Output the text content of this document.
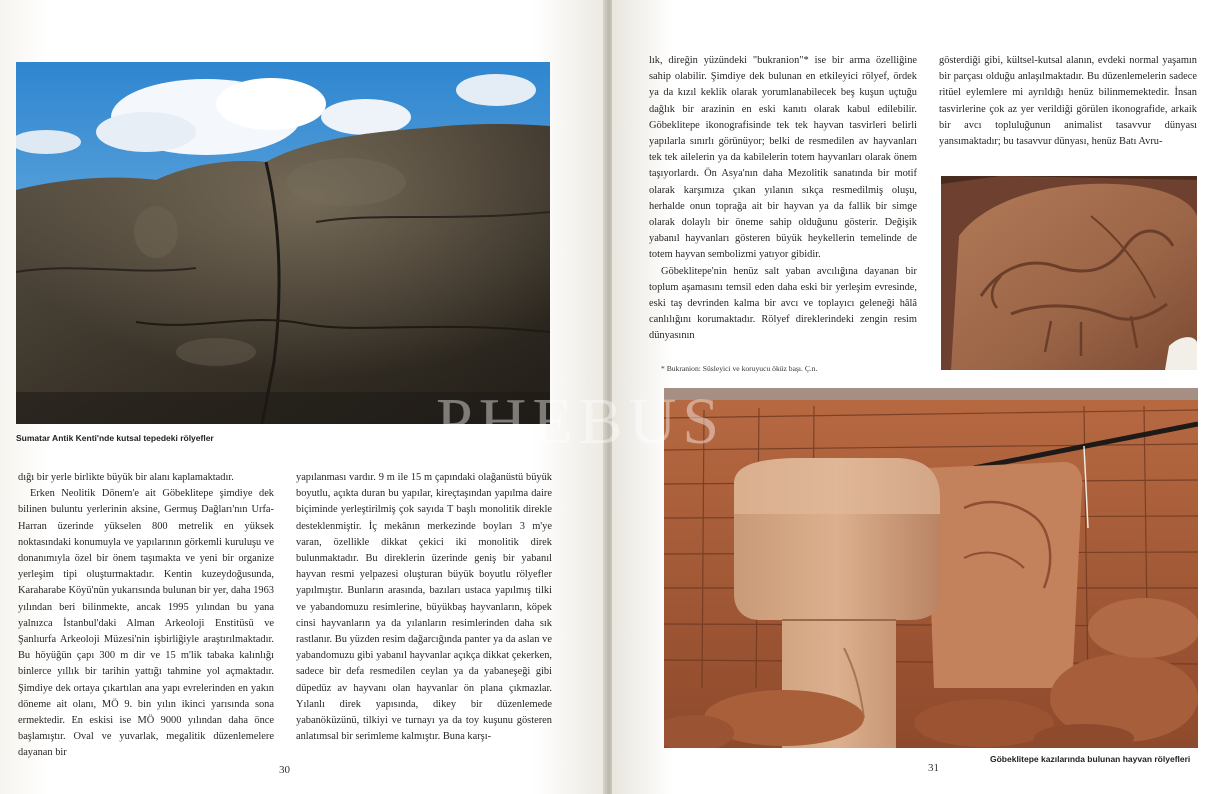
Sumatar Antik Kenti'nde kutsal tepedeki rölyefler

dığı bir yerle birlikte büyük bir alanı kaplamaktadır.

Erken Neolitik Dönem'e ait Göbeklitepe şimdiye dek bilinen buluntu yerlerinin aksine, Germuş Dağları'nın Urfa-Harran üzerinde yükselen 800 metrelik en yüksek noktasındaki konumuyla ve yapılarının görkemli kuruluşu ve donanımıyla özel bir önem taşımakta ve yeni bir organize yerleşim tipi oluşturmaktadır. Kentin kuzeydoğusunda, Karaharabe Köyü'nün yukarısında bulunan bir yer, daha 1963 yılından beri bilinmekte, ancak 1995 yılından bu yana yalnızca İstanbul'daki Alman Arkeoloji Enstitüsü ve Şanlıurfa Arkeoloji Müzesi'nin işbirliğiyle araştırılmaktadır. Bu höyüğün çapı 300 m dir ve 15 m'lik tabaka kalınlığı binlerce yıllık bir tarihin yattığı tahmine yol açmaktadır. Şimdiye dek ortaya çıkartılan ana yapı evrelerinden en yakın döneme ait olanı, MÖ 9. bin yılın ikinci yarısında sona ermektedir. En eskisi ise MÖ 9000 yılından daha önce başlamıştır. Oval ve yuvarlak, megalitik düzenlemelere dayanan bir

yapılanması vardır. 9 m ile 15 m çapındaki olağanüstü büyük boyutlu, açıkta duran bu yapılar, kireçtaşından yapılma daire biçiminde yerleştirilmiş çok sayıda T başlı monolitik direkle desteklenmiştir. İç mekânın merkezinde boyları 3 m'ye varan, özellikle dikkat çekici iki monolitik direk bulunmaktadır. Bu direklerin üzerinde geniş bir yabanıl hayvan resmi yelpazesi oluşturan büyük boyutlu rölyefler yapılmıştır. Bunların arasında, bazıları ustaca yapılmış tilki ve yabandomuzu resimlerine, büyükbaş hayvanların, köpek cinsi hayvanların ya da yılanların resimlerinden daha sık rastlanır. Bu yüzden resim dağarcığında panter ya da aslan ve yabandomuzu gibi yabanıl hayvanlar açıkça dikkat çekerken, sadece bir defa resmedilen ceylan ya da yabaneşeği gibi düpedüz av hayvanı olan hayvanlar ön plana çıkmazlar. Yılanlı direk yapısında, dikey bir düzenlemede yabanöküzünü, tilkiyi ve turnayı ya da toy kuşunu gösteren anlatımsal bir serimleme kalmıştır. Buna karşı-

30

lık, direğin yüzündeki "bukranion"* ise bir arma özelliğine sahip olabilir. Şimdiye dek bulunan en etkileyici rölyef, ördek ya da kızıl keklik olarak yorumlanabilecek beş kuşun uçtuğu dağlık bir arazinin en eski kanıtı olarak kabul edilebilir. Göbeklitepe ikonografisinde tek tek hayvan tasvirleri belirli yapılarla sınırlı görünüyor; belki de resmedilen av hayvanları tek tek ailelerin ya da kabilelerin totem hayvanları olarak önem taşıyorlardı. Ön Asya'nın daha Mezolitik sanatında bir motif olarak karşımıza çıkan yılanın sıkça resmedilmiş oluşu, herhalde onun toprağa ait bir hayvan ya da fallik bir simge olarak dolaylı bir öneme sahip olduğunu gösterir. Değişik yabanıl hayvanları gösteren büyük heykellerin temelinde de totem hayvan sembolizmi yatıyor gibidir.

Göbeklitepe'nin henüz salt yaban avcılığına dayanan bir toplum aşamasını temsil eden daha eski bir yerleşim evresinde, eski taş devrinden kalma bir avcı ve toplayıcı geleneği hâlâ canlılığını korumaktadır. Rölyef direklerindeki zengin resim dünyasının

gösterdiği gibi, kültsel-kutsal alanın, evdeki normal yaşamın bir parçası olduğu anlaşılmaktadır. Bu düzenlemelerin sadece ritüel eylemlere mi ayrıldığı henüz bilinmemektedir. İnsan tasvirlerine çok az yer verildiği görülen ikonografide, arkaik bir avcı topluluğunun animalist tasavvur dünyası yansımaktadır; bu tasavvur dünyası, henüz Batı Avru-

* Bukranion: Süsleyici ve koruyucu öküz başı. Ç.n.
31
Göbeklitepe kazılarında bulunan hayvan rölyefleri
PHEBUS
